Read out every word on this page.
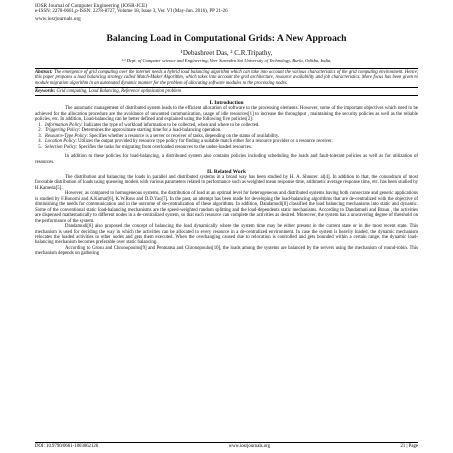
IOSR Journal of Computer Engineering (IOSR-JCE)
e-ISSN: 2278-0661,p-ISSN: 2278-8727, Volume 18, Issue 3, Ver. VI (May-Jun. 2016), PP 21-26
www.iosrjournals.org
Balancing Load in Computational Grids: A New Approach
¹Debashreet Das, ² C.R.Tripathy,
¹·² Dept. of Computer science and Engineering, Veer Surendra Sai University of Technology, Burla, Odisha, India,
Abstract: The emergence of grid computing over the internet needs a hybrid load balancing algorithm which can take into account the various characteristics of the grid computing environment. Hence, this paper proposes a load balancing strategy called Match-Maker Algorithm, which takes into account the grid architecture, resource availability and job characteristics. More focus has been given to module migration algorithm in an automated dynamic manner for the problem of allocating software modules to the processing nodes.
Keywords: Grid computing, Load Balancing, Reference optimization problem
I. Introduction

The automatic management of distributed system leads to the efficient allocation of software to the processing elements. However, some of the important objectives which need to be achieved for the allocation procedure are the avoidance of unwanted communication, usage of idle resources[1] to increase the throughput , maintaining the security policies as well as the reliable policies, etc. In addition, Load-balancing can be better defined and explained using the following five policies[2]:

1. Information Policy: Indicates the type of workload information to be collected, when and where to be collected.
2. Triggering Policy: Determines the approximate starting time for a load-balancing operation.
3. Resource-Type Policy: Specifies whether a resource is a server or receiver of tasks, depending on the status of availability.
4. Location Policy: Utilizes the output provided by resource type policy for finding a suitable match either for a resource provider or a resource receiver.
5. Selection Policy: Specifies the tasks for migrating from overloaded resources to the under-loaded resources.

In addition to these policies for load-balancing, a distributed system also contains policies including scheduling the loads and fault-tolerant policies as well as for utilization of resources.

II. Related Work

The distribution and balancing the loads in parallel and distributed systems in a broad way has been studied by H. A. Shnurer. al[4]. In addition to that, the conundrum of most favorable distribution of loads using queueing models with various parameters related to performance such as weighted mean response time, arithmetic average response time, etc. has been studied by H.Kameda[5] .

However, as compared to homogeneous systems, the distribution of load at an optimal level for heterogeneous and distributed systems having both consecrate and generic applications is studied by F.Bonomi and A.Kumar[6], K.W.Ross and D.D.Yao[7]. In the past, an attempt has been made for developing the load-balancing algorithms that are de-centralized with the objective of diminishing the needs for communication and in the outcome of de-centralization of these algorithms. In addition, Dandamudi[8] classified the load balancing mechanisms into static and dynamic. Some of the conventional static load-balancing mechanisms are the speed-weighted random splitting and the load-dependents static mechanisms. According to Dandamudi and Braun , the activities are dispensed mathematically to different nodes in a de-centralized system, so that each resource can complete the activities as desired. Moreover, the system has a unwavering degree of threshold on the performance of the system.

Dandamudi[8] also proposed the concept of balancing the load dynamically where the system time may be either present in the current state or in the most recent state. This mechanism is used for deciding the way in which the activities can be allocated to every resource in a de-centralized environment. In case the system is heavily loaded, the dynamic mechanism relocates the loaded activities to other nodes and gets them executed. When the overhanging caused due to relocation is controlled and gets bounded within a certain range, the dynamic load-balancing mechanism becomes preferable over static balancing.

According to Grosu and Chronopoulos[9] and Penmatsa and Chronopoulos[10], the loads among the systems are balanced by the servers using the mechanism of round-robin. This mechanism depends on gathering

DOI: 10.9790/0661-1803062126	www.iosrjournals.org	21 | Page
